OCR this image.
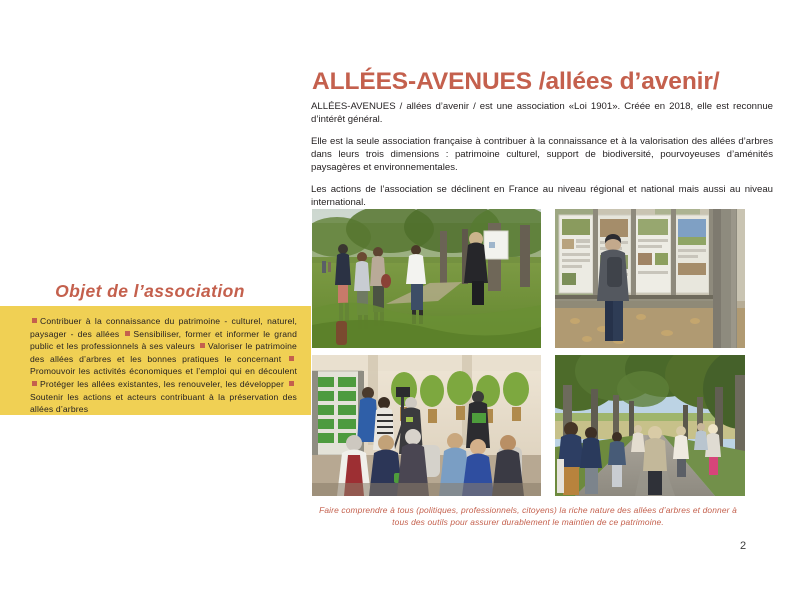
ALLÉES-AVENUES /allées d’avenir/

ALLÉES-AVENUES / allées d’avenir / est une association «Loi 1901». Créée en 2018, elle est reconnue d’intérêt général.

Elle est la seule association française à contribuer à la connaissance et à la valorisation des allées d’arbres dans leurs trois dimensions : patrimoine culturel, support de biodiversité, pourvoyeuses d’aménités paysagères et environnementales.

Les actions de l’association se déclinent en France au niveau régional et national mais aussi au niveau international.

Objet de l’association
Contribuer à la connaissance du patrimoine - culturel, naturel, paysager - des allées Sensibiliser, former et informer le grand public et les professionnels à ses valeurs Valoriser le patrimoine des allées d’arbres et les bonnes pratiques le concernant Promouvoir les activités économiques et l’emploi qui en découlent Protéger les allées existantes, les renouveler, les développer Soutenir les actions et acteurs contribuant à la préservation des allées d’arbres
Faire comprendre à tous (politiques, professionnels, citoyens) la riche nature des allées d’arbres et donner à tous des outils pour assurer durablement le maintien de ce patrimoine.
2
